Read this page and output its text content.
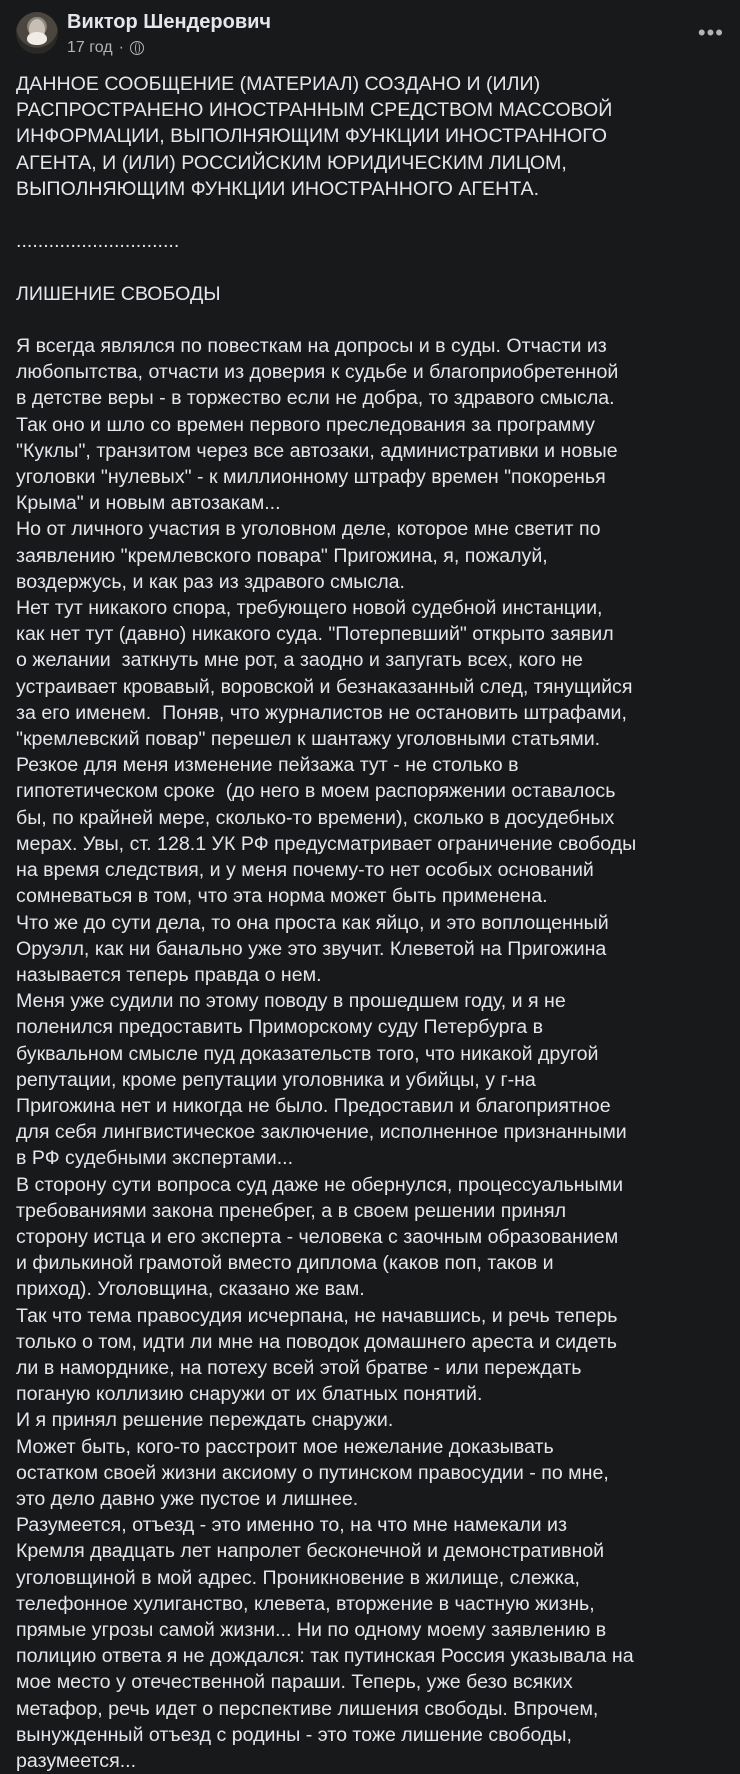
Виктор Шендерович
17 год ·
•••
ДАННОЕ СООБЩЕНИЕ (МАТЕРИАЛ) СОЗДАНО И (ИЛИ)
РАСПРОСТРАНЕНО ИНОСТРАННЫМ СРЕДСТВОМ МАССОВОЙ
ИНФОРМАЦИИ, ВЫПОЛНЯЮЩИМ ФУНКЦИИ ИНОСТРАННОГО
АГЕНТА, И (ИЛИ) РОССИЙСКИМ ЮРИДИЧЕСКИМ ЛИЦОМ,
ВЫПОЛНЯЮЩИМ ФУНКЦИИ ИНОСТРАННОГО АГЕНТА.

..............................

ЛИШЕНИЕ СВОБОДЫ

Я всегда являлся по повесткам на допросы и в суды. Отчасти из
любопытства, отчасти из доверия к судьбе и благоприобретенной
в детстве веры - в торжество если не добра, то здравого смысла.
Так оно и шло со времен первого преследования за программу
"Куклы", транзитом через все автозаки, административки и новые
уголовки "нулевых" - к миллионному штрафу времен "покоренья
Крыма" и новым автозакам...
Но от личного участия в уголовном деле, которое мне светит по
заявлению "кремлевского повара" Пригожина, я, пожалуй,
воздержусь, и как раз из здравого смысла.
Нет тут никакого спора, требующего новой судебной инстанции,
как нет тут (давно) никакого суда. "Потерпевший" открыто заявил
о желании  заткнуть мне рот, а заодно и запугать всех, кого не
устраивает кровавый, воровской и безнаказанный след, тянущийся
за его именем.  Поняв, что журналистов не остановить штрафами,
"кремлевский повар" перешел к шантажу уголовными статьями.
Резкое для меня изменение пейзажа тут - не столько в
гипотетическом сроке  (до него в моем распоряжении оставалось
бы, по крайней мере, сколько-то времени), сколько в досудебных
мерах. Увы, ст. 128.1 УК РФ предусматривает ограничение свободы
на время следствия, и у меня почему-то нет особых оснований
сомневаться в том, что эта норма может быть применена.
Что же до сути дела, то она проста как яйцо, и это воплощенный
Оруэлл, как ни банально уже это звучит. Клеветой на Пригожина
называется теперь правда о нем.
Меня уже судили по этому поводу в прошедшем году, и я не
поленился предоставить Приморскому суду Петербурга в
буквальном смысле пуд доказательств того, что никакой другой
репутации, кроме репутации уголовника и убийцы, у г-на
Пригожина нет и никогда не было. Предоставил и благоприятное
для себя лингвистическое заключение, исполненное признанными
в РФ судебными экспертами...
В сторону сути вопроса суд даже не обернулся, процессуальными
требованиями закона пренебрег, а в своем решении принял
сторону истца и его эксперта - человека с заочным образованием
и филькиной грамотой вместо диплома (каков поп, таков и
приход). Уголовщина, сказано же вам.
Так что тема правосудия исчерпана, не начавшись, и речь теперь
только о том, идти ли мне на поводок домашнего ареста и сидеть
ли в наморднике, на потеху всей этой братве - или переждать
поганую коллизию снаружи от их блатных понятий.
И я принял решение переждать снаружи.
Может быть, кого-то расстроит мое нежелание доказывать
остатком своей жизни аксиому о путинском правосудии - по мне,
это дело давно уже пустое и лишнее.
Разумеется, отъезд - это именно то, на что мне намекали из
Кремля двадцать лет напролет бесконечной и демонстративной
уголовщиной в мой адрес. Проникновение в жилище, слежка,
телефонное хулиганство, клевета, вторжение в частную жизнь,
прямые угрозы самой жизни... Ни по одному моему заявлению в
полицию ответа я не дождался: так путинская Россия указывала на
мое место у отечественной параши. Теперь, уже безо всяких
метафор, речь идет о перспективе лишения свободы. Впрочем,
вынужденный отъезд с родины - это тоже лишение свободы,
разумеется...
